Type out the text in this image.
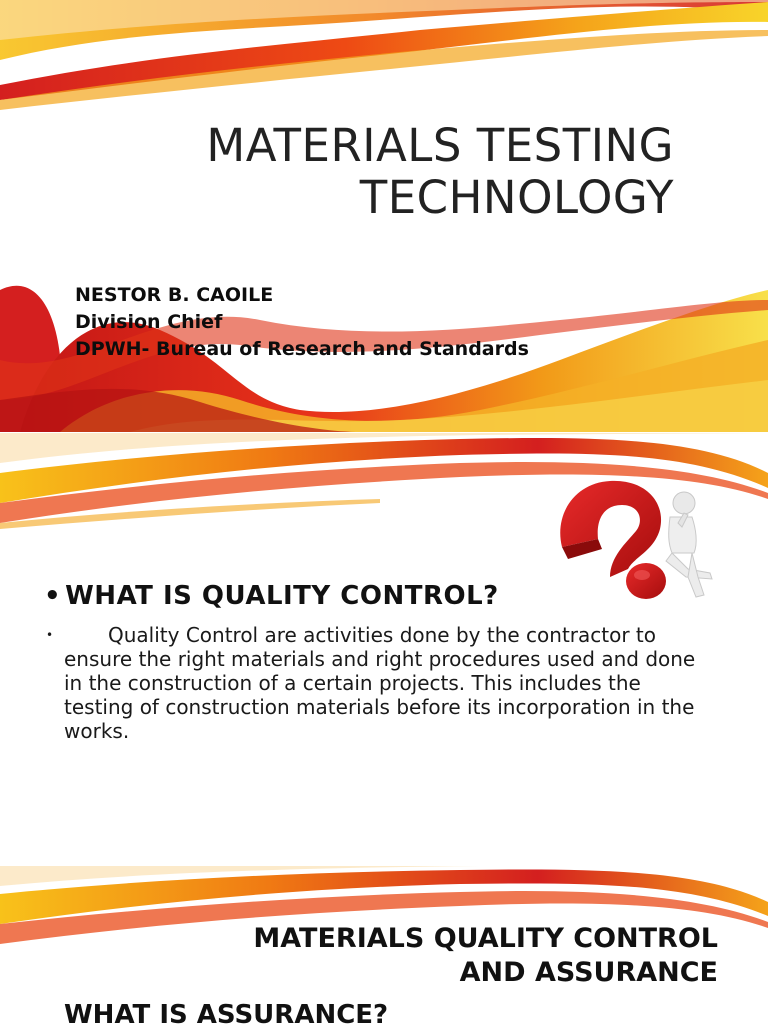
MATERIALS TESTING
TECHNOLOGY
NESTOR B. CAOILE
Division Chief
DPWH- Bureau of Research and Standards
• WHAT IS QUALITY CONTROL?
•	Quality Control are activities done by the contractor to ensure the right materials and right procedures used and done in the construction of a certain projects. This includes the testing of construction materials before its incorporation in the works.
MATERIALS QUALITY CONTROL
AND ASSURANCE
WHAT IS ASSURANCE?
